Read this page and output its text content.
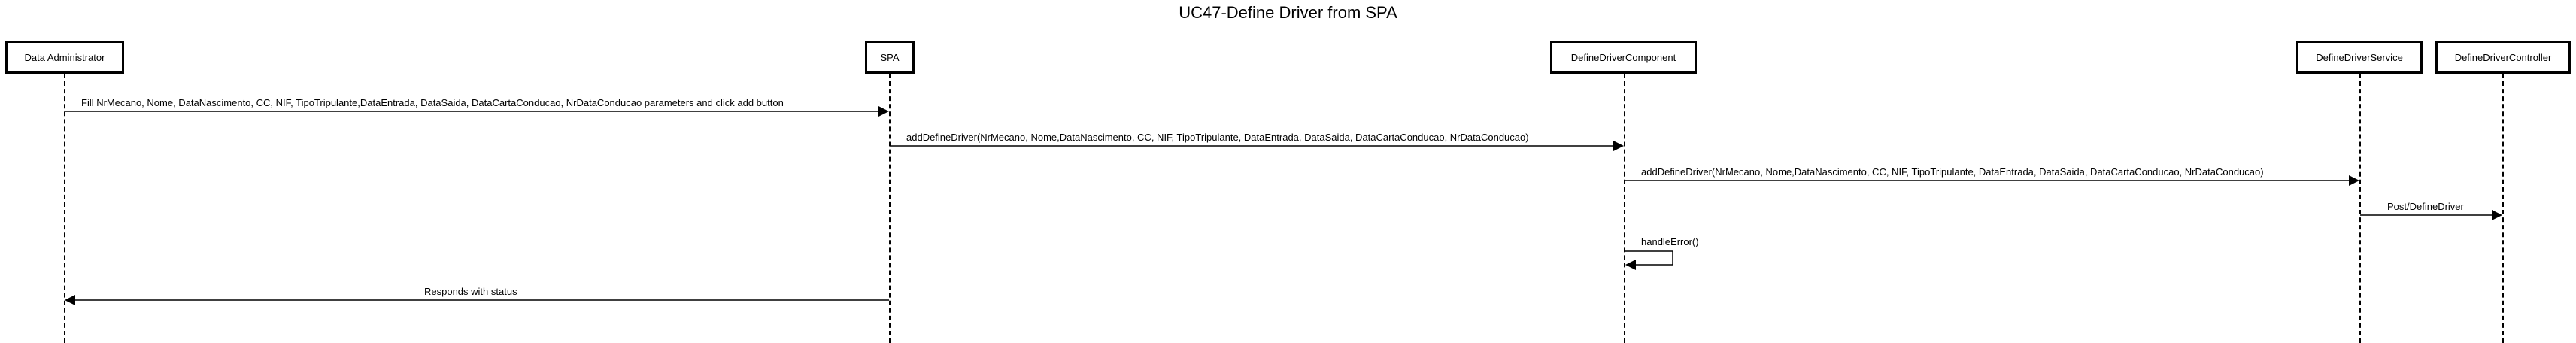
UC47-Define Driver from SPA
Data Administrator	SPA	DefineDriverComponent	DefineDriverService	DefineDriverController
Fill NrMecano, Nome, DataNascimento, CC, NIF, TipoTripulante,DataEntrada, DataSaida, DataCartaConducao, NrDataConducao parameters and click add button
addDefineDriver(NrMecano, Nome,DataNascimento, CC, NIF, TipoTripulante, DataEntrada, DataSaida, DataCartaConducao, NrDataConducao)
addDefineDriver(NrMecano, Nome,DataNascimento, CC, NIF, TipoTripulante, DataEntrada, DataSaida, DataCartaConducao, NrDataConducao)
Post/DefineDriver
handleError()
Responds with status
